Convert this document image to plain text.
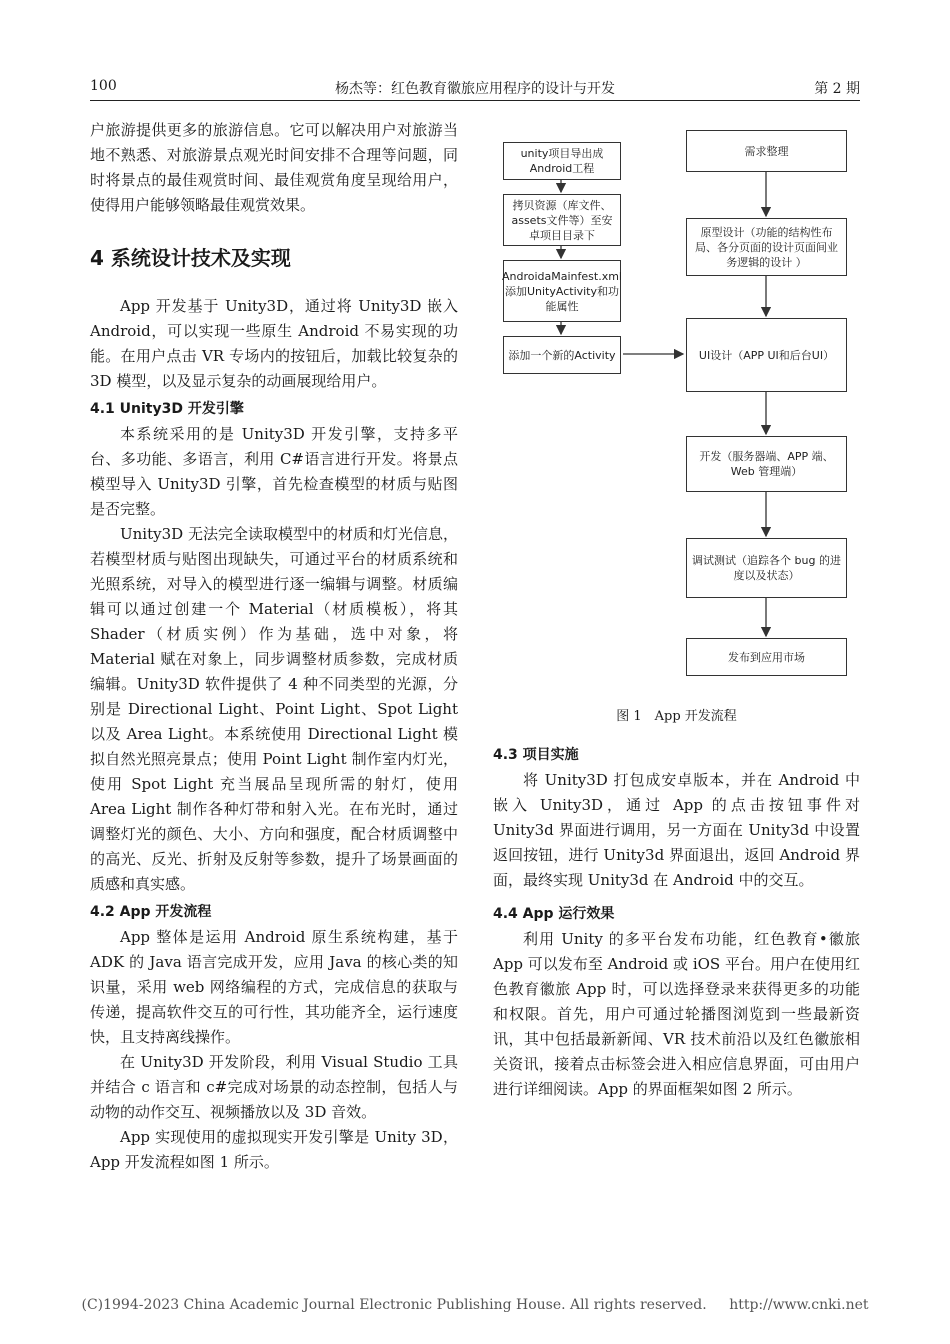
100	杨杰等：红色教育徽旅应用程序的设计与开发	第 2 期

户旅游提供更多的旅游信息。它可以解决用户对旅游当地不熟悉、对旅游景点观光时间安排不合理等问题，同时将景点的最佳观赏时间、最佳观赏角度呈现给用户，使得用户能够领略最佳观赏效果。

4 系统设计技术及实现

App 开发基于 Unity3D，通过将 Unity3D 嵌入 Android，可以实现一些原生 Android 不易实现的功能。在用户点击 VR 专场内的按钮后，加载比较复杂的 3D 模型，以及显示复杂的动画展现给用户。

4.1 Unity3D 开发引擎

本系统采用的是 Unity3D 开发引擎，支持多平台、多功能、多语言，利用 C#语言进行开发。将景点模型导入 Unity3D 引擎，首先检查模型的材质与贴图是否完整。

Unity3D 无法完全读取模型中的材质和灯光信息，若模型材质与贴图出现缺失，可通过平台的材质系统和光照系统，对导入的模型进行逐一编辑与调整。材质编辑可以通过创建一个 Material（材质模板），将其 Shader（材质实例）作为基础，选中对象，将 Material 赋在对象上，同步调整材质参数，完成材质编辑。Unity3D 软件提供了 4 种不同类型的光源，分别是 Directional Light、Point Light、Spot Light 以及 Area Light。本系统使用 Directional Light 模拟自然光照亮景点；使用 Point Light 制作室内灯光，使用 Spot Light 充当展品呈现所需的射灯，使用 Area Light 制作各种灯带和射入光。在布光时，通过调整灯光的颜色、大小、方向和强度，配合材质调整中的高光、反光、折射及反射等参数，提升了场景画面的质感和真实感。

4.2 App 开发流程

App 整体是运用 Android 原生系统构建，基于 ADK 的 Java 语言完成开发，应用 Java 的核心类的知识量，采用 web 网络编程的方式，完成信息的获取与传递，提高软件交互的可行性，其功能齐全，运行速度快，且支持离线操作。

在 Unity3D 开发阶段，利用 Visual Studio 工具并结合 c 语言和 c#完成对场景的动态控制，包括人与动物的动作交互、视频播放以及 3D 音效。

App 实现使用的虚拟现实开发引擎是 Unity 3D，App 开发流程如图 1 所示。

unity项目导出成Android工程
拷贝资源（库文件、assets文件等）至安卓项目目录下
AndroidaMainfest.xml添加UnityActivity和功能属性
添加一个新的Activity
需求整理
原型设计（功能的结构性布局、各分页面的设计页面间业务逻辑的设计 ）
UI设计（APP UI和后台UI）
开发（服务器端、APP 端、Web 管理端）
调试测试（追踪各个 bug 的进度以及状态）
发布到应用市场
图 1　App 开发流程
4.3 项目实施

将 Unity3D 打包成安卓版本，并在 Android 中嵌入 Unity3D，通过 App 的点击按钮事件对 Unity3d 界面进行调用，另一方面在 Unity3d 中设置返回按钮，进行 Unity3d 界面退出，返回 Android 界面，最终实现 Unity3d 在 Android 中的交互。

4.4 App 运行效果

利用 Unity 的多平台发布功能，红色教育•徽旅 App 可以发布至 Android 或 iOS 平台。用户在使用红色教育徽旅 App 时，可以选择登录来获得更多的功能和权限。首先，用户可通过轮播图浏览到一些最新资讯，其中包括最新新闻、VR 技术前沿以及红色徽旅相关资讯，接着点击标签会进入相应信息界面，可由用户进行详细阅读。App 的界面框架如图 2 所示。

(C)1994-2023 China Academic Journal Electronic Publishing House. All rights reserved. http://www.cnki.net
